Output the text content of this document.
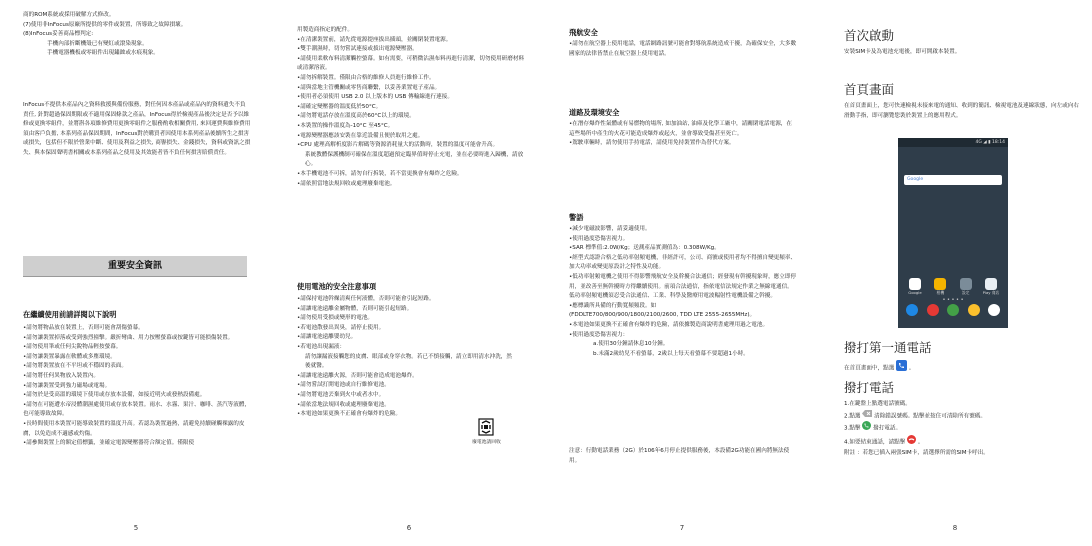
商的ROM系統或採用破解方式修改。

(7)使用非InFocus原廠所提供的零件或裝置，所導致之故障損壞。

(8)InFocus妥善商品標判定:

手機內部折斷機殼已有變紅或滾染現象。

手機電器機板或零組件出現鏽蝕或水痕現象。

InFocus不提供本產品內之資料救援與備份服務，對任何因本產品或產品內的資料遺失不負責任, 針對超過保固期限或不適用保固條款之產品，InFocus得於檢視產品後決定是否予以維修或更換零組件，並將斟各項維修費用更換零組件之服務酌收相關費用, 來回運費與維修費用須由客戶負擔, 本系列產品保固期間，InFocus對於購買者因使用本系列產品後續所生之損害或損失，包括但不限於營業中斷、使用及利益之損失, 商譽損失、金錢損失，資料或資訊之損失、與本保固聲明書相關或本系列產品之使用及其效能者皆不負任何損害賠償責任。

重要安全資訊

在繼續使用前請詳閱以下說明

•請勿將物品放在裝置上，否則可能會刮傷螢幕。

•請勿讓裝置掉落或受到強烈撞擊。嚴折彎曲、用力按壓螢幕或按鍵皆可能損傷裝置。

•請勿使用筆或任何尖銳物品輕按螢幕。

•請勿讓裝置暴露在軟體或多塵環境。

•請勿將裝置放在不平坦或不穩固的表面。

•請勿將任何異物放入裝置內。

•請勿讓裝置受到強力磁場或電場。

•請勿於是受高溫的環境下使用或存放本設備，如接近明火或發熱設備處。

•請勿在可能遭水帝浸體潮濕處使用或存放本裝置。雨水、水霧、果汁、咖啡、蒸汽等液體，也可能導致故障。

•長時間使用本裝置可能導致裝置的溫度升高。若認為裝置過熱，請避免持續碰觸裸露的皮膚，以免造成不適感或灼傷。

•請參閱裝置上的額定值標籤，並確定電源變壓器符合額定值。僅限使

5

用製造商指定的配件。

•在清潔裝置前，請先從電源提座拔出插頭，並關閉裝置電源。

•雙手潮濕時，切勿嘗試連接或拔出電源變壓器。

•請使用柔軟布料清潔觸控螢幕。如有需要，可稍微沾濕布料再進行清潔，切勿使用研磨材料或清潔溶液。

•請勿拆解裝置。僅限由合格的維修人員進行維修工作。

•請與當地主管機關或零售商聯繫，以妥善業置電子產品。

•使用者必須使用 USB 2.0 以上版本的 USB 傳輸線進行連接。

•請確定變壓器的溫度低於50°C。

•請勿將電話存放在溫度高於60°C以上的環境。

•本裝置的操作溫度為-10°C 至45°C。

•電源變壓器應該安裝在靠近設備且便於取用之處。

•CPU 處理高解析度影片解碼等資源消耗量大的活動時，裝置的溫度可能會升高。

系統教體保護機制可確保在溫度超過預定臨界值時停止充電，並在必要時進入歸機，請放心。

•本手機電池不可拆，請勿自行拆裝，若不當更換會有爆炸之危險。

•請依照當地法規回收或處理廢棄電池。

使用電池的安全注意事項

•請保持電池幹燥清爽任何液體，否則可能會引起短路。

•請讓電池遠離金屬物體，否則可能引起短路。

•請勿使用受損或變形的電池。

•若電池散發出異臭，請停止使用。

•請讓電池遠離嬰幼兒。

•若電池出現漏液：

請勿讓漏液接觸您的皮膚、眼部或身穿衣物。若已不慎接觸，請立即用清水沖洗，然後就醫。

•請讓電池遠離火源，否則可能會造成電池爆炸。

•請勿嘗試打開電池或自行維修電池。

•請勿將電池丟棄到火中或者水中。

•請依當地法規回收或處理廢棄電池。

•本電池如果更換不正確會有爆炸的危險。

6
廢電池請回收

飛航安全

•請勿在航空器上使用電話，電話網路訊號可能會對導航系統造成干擾，為確保安全，大多數國家的法律皆禁止在航空器上使用電話。

道路及環境安全

•在潛存爆炸性氣體或有易燃物的場所, 如加油站, 油庫及化學工廠中，請關閉電話電源，在這些場所中產生的火花可能造成爆炸或起火，並會導致受傷甚至死亡。

•駕駛車輛時，請勿使用手持電話，請使用免持裝置作為替代方案。

警語

•減少電磁波影響，請妥適使用。

•使用過度恐傷害視力。

•SAR 標準值:2.0W/Kg；送測產品實測值為：0.308W/Kg。

•經型式認證合格之低功率射頻電機，非經許可，公司、商號或使用者均不得擅自變更頻率、加大功率或變更原設計之特性及功能。

•低功率射頻電機之使用不得影響飛航安全及幹擾合法通信；經發現有幹擾現象時，應立即停用，並改善至無幹擾時方得繼續使用。前項合法通信，指依電信法規定作業之無線電通信。低功率射頻電機須忍受合法通信、工業、科學及醫療用電波輻射性電機設備之幹擾。

•應標識所具備的行動寬頻頻段。如

(FDDLTE700/800/900/1800/2100/2600, TDD LTE 2555-2655MHz)。

•本電池如果更換不正確會有爆炸的危險，請依據製造商說明書處理用過之電池。

•使用過度恐傷害視力：

a.使用30分鐘請休息10分鐘。

b.未滿2歲幼兒不看螢幕，2歲以上每天看螢幕不要超過1小時。

注意：行動電話業務（2G）於106年6月停止提供服務後，本設備2G功能在國內將無法使用。

7

首次啟動

安裝SIM卡及為電池充電後，即可開啟本裝置。

首頁畫面

在首頁畫面上，您可快速檢視未接來電的通知、收到的簡訊、檢視電池及連線狀態，向左或向右滑動手指，即可瀏覽您裝於裝置上的應用程式。

撥打第一通電話

在首頁畫面中，點選	。

撥打電話

1.在鍵盤上點選電話號碼。

2.點選 清除錯誤號碼。點擊並按住可清除所有號碼。

3.點擊 撥打電話。

4.如要結束通話，請點擊 。

附註 ：若您已插入兩張SIM卡，請選擇所需的SIM卡呼出。

8
4G ◢ ▮ 18:14
Google
Google	相機	設定	Play 商店
• • • • •
